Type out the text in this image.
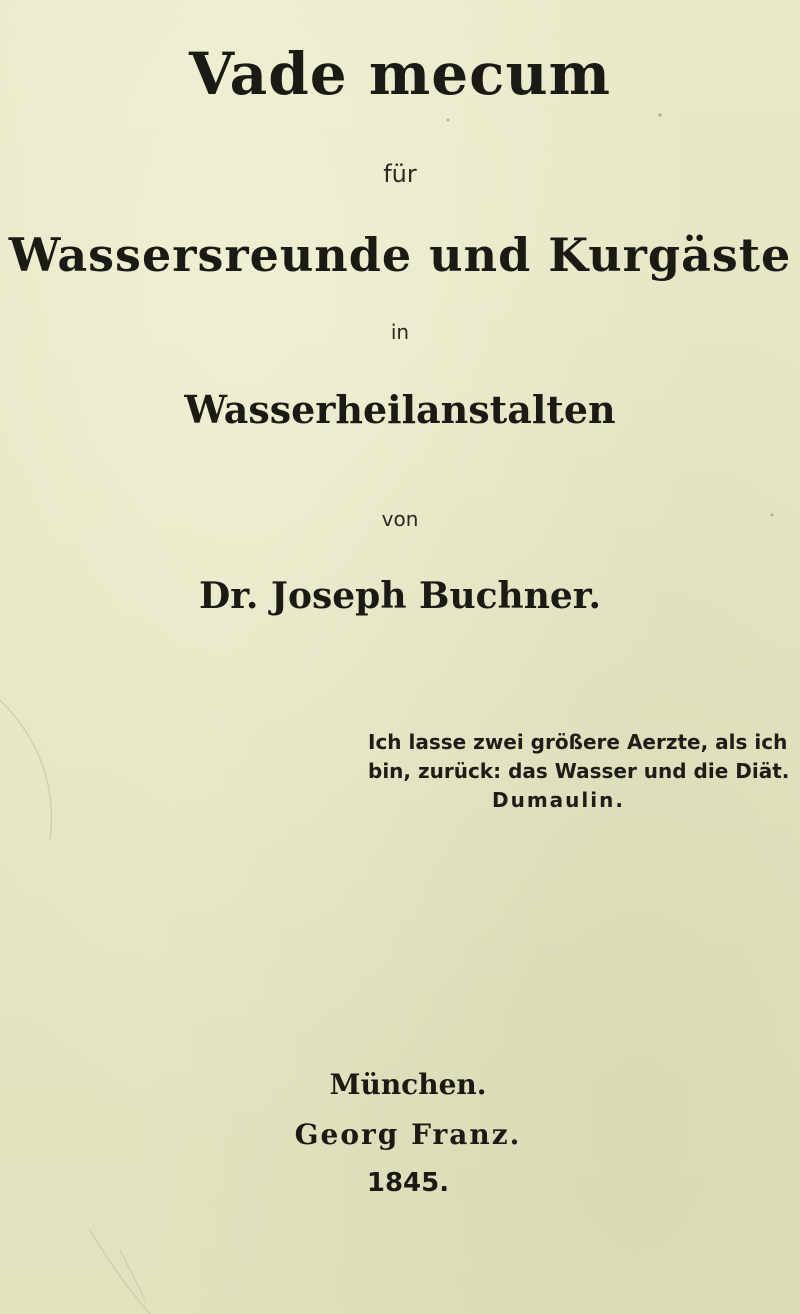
Vade mecum
für
Wassersreunde und Kurgäste
in
Wasserheilanstalten
von
Dr. Joseph Buchner.
Ich lasse zwei größere Aerzte, als ich
bin, zurück: das Wasser und die Diät.
Dumaulin.
München.
Georg Franz.
1845.
